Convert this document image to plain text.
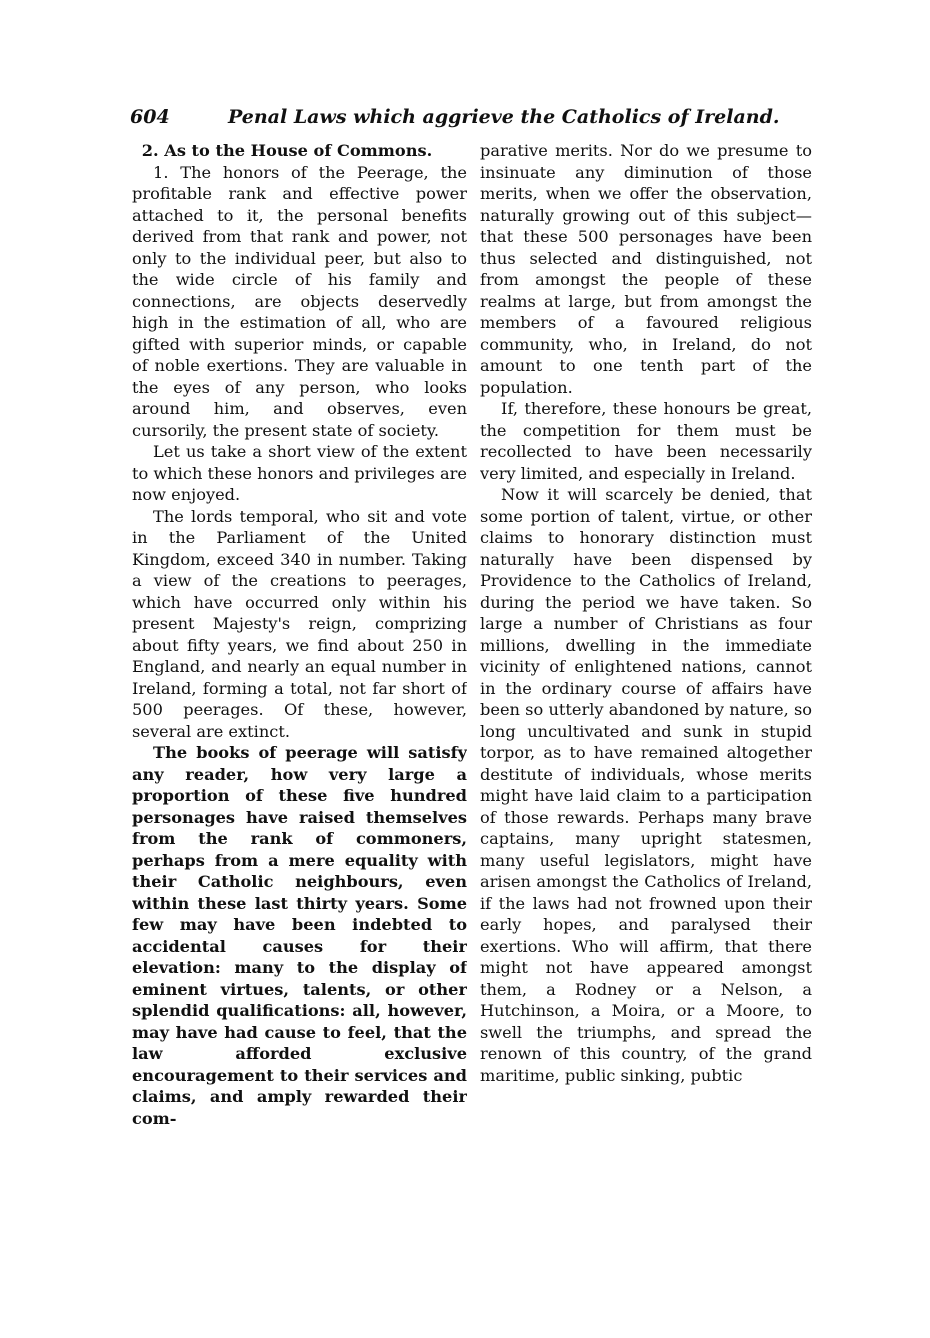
604	Penal Laws which aggrieve the Catholics of Ireland.

2. As to the House of Commons.

1. The honors of the Peerage, the profitable rank and effective power attached to it, the personal benefits derived from that rank and power, not only to the individual peer, but also to the wide circle of his family and connections, are objects deservedly high in the estimation of all, who are gifted with superior minds, or capable of noble exertions. They are valuable in the eyes of any person, who looks around him, and observes, even cursorily, the present state of society.

Let us take a short view of the extent to which these honors and privileges are now enjoyed.

The lords temporal, who sit and vote in the Parliament of the United Kingdom, exceed 340 in number. Taking a view of the creations to peerages, which have occurred only within his present Majesty's reign, comprizing about fifty years, we find about 250 in England, and nearly an equal number in Ireland, forming a total, not far short of 500 peerages. Of these, however, several are extinct.

The books of peerage will satisfy any reader, how very large a proportion of these five hundred personages have raised themselves from the rank of commoners, perhaps from a mere equality with their Catholic neighbours, even within these last thirty years. Some few may have been indebted to accidental causes for their elevation: many to the display of eminent virtues, talents, or other splendid qualifications: all, however, may have had cause to feel, that the law afforded exclusive encouragement to their services and claims, and amply rewarded their com-

parative merits. Nor do we presume to insinuate any diminution of those merits, when we offer the observation, naturally growing out of this subject—that these 500 personages have been thus selected and distinguished, not from amongst the people of these realms at large, but from amongst the members of a favoured religious community, who, in Ireland, do not amount to one tenth part of the population.

If, therefore, these honours be great, the competition for them must be recollected to have been necessarily very limited, and especially in Ireland.

Now it will scarcely be denied, that some portion of talent, virtue, or other claims to honorary distinction must naturally have been dispensed by Providence to the Catholics of Ireland, during the period we have taken. So large a number of Christians as four millions, dwelling in the immediate vicinity of enlightened nations, cannot in the ordinary course of affairs have been so utterly abandoned by nature, so long uncultivated and sunk in stupid torpor, as to have remained altogether destitute of individuals, whose merits might have laid claim to a participation of those rewards. Perhaps many brave captains, many upright statesmen, many useful legislators, might have arisen amongst the Catholics of Ireland, if the laws had not frowned upon their early hopes, and paralysed their exertions. Who will affirm, that there might not have appeared amongst them, a Rodney or a Nelson, a Hutchinson, a Moira, or a Moore, to swell the triumphs, and spread the renown of this country, of the grand maritime, public sinking, pubtic
